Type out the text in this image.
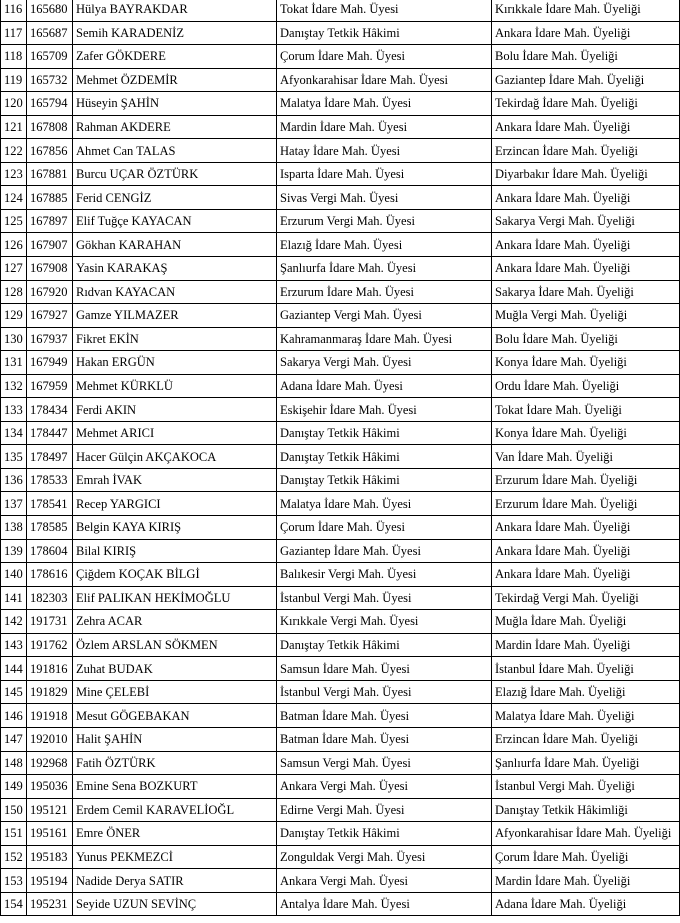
116	165680	Hülya BAYRAKDAR	Tokat İdare Mah. Üyesi	Kırıkkale İdare Mah. Üyeliği
117	165687	Semih KARADENİZ	Danıştay Tetkik Hâkimi	Ankara İdare Mah. Üyeliği
118	165709	Zafer GÖKDERE	Çorum İdare Mah. Üyesi	Bolu İdare Mah. Üyeliği
119	165732	Mehmet ÖZDEMİR	Afyonkarahisar İdare Mah. Üyesi	Gaziantep İdare Mah. Üyeliği
120	165794	Hüseyin ŞAHİN	Malatya İdare Mah. Üyesi	Tekirdağ İdare Mah. Üyeliği
121	167808	Rahman AKDERE	Mardin İdare Mah. Üyesi	Ankara İdare Mah. Üyeliği
122	167856	Ahmet Can TALAS	Hatay İdare Mah. Üyesi	Erzincan İdare Mah. Üyeliği
123	167881	Burcu UÇAR ÖZTÜRK	Isparta İdare Mah. Üyesi	Diyarbakır İdare Mah. Üyeliği
124	167885	Ferid CENGİZ	Sivas Vergi Mah. Üyesi	Ankara İdare Mah. Üyeliği
125	167897	Elif Tuğçe KAYACAN	Erzurum Vergi Mah. Üyesi	Sakarya Vergi Mah. Üyeliği
126	167907	Gökhan KARAHAN	Elazığ İdare Mah. Üyesi	Ankara İdare Mah. Üyeliği
127	167908	Yasin KARAKAŞ	Şanlıurfa İdare Mah. Üyesi	Ankara İdare Mah. Üyeliği
128	167920	Rıdvan KAYACAN	Erzurum İdare Mah. Üyesi	Sakarya İdare Mah. Üyeliği
129	167927	Gamze YILMAZER	Gaziantep Vergi Mah. Üyesi	Muğla Vergi Mah. Üyeliği
130	167937	Fikret EKİN	Kahramanmaraş İdare Mah. Üyesi	Bolu İdare Mah. Üyeliği
131	167949	Hakan ERGÜN	Sakarya Vergi Mah. Üyesi	Konya İdare Mah. Üyeliği
132	167959	Mehmet KÜRKLÜ	Adana İdare Mah. Üyesi	Ordu İdare Mah. Üyeliği
133	178434	Ferdi AKIN	Eskişehir İdare Mah. Üyesi	Tokat İdare Mah. Üyeliği
134	178447	Mehmet ARICI	Danıştay Tetkik Hâkimi	Konya İdare Mah. Üyeliği
135	178497	Hacer Gülçin AKÇAKOCA	Danıştay Tetkik Hâkimi	Van İdare Mah. Üyeliği
136	178533	Emrah İVAK	Danıştay Tetkik Hâkimi	Erzurum İdare Mah. Üyeliği
137	178541	Recep YARGICI	Malatya İdare Mah. Üyesi	Erzurum İdare Mah. Üyeliği
138	178585	Belgin KAYA KIRIŞ	Çorum İdare Mah. Üyesi	Ankara İdare Mah. Üyeliği
139	178604	Bilal KIRIŞ	Gaziantep İdare Mah. Üyesi	Ankara İdare Mah. Üyeliği
140	178616	Çiğdem KOÇAK BİLGİ	Balıkesir Vergi Mah. Üyesi	Ankara İdare Mah. Üyeliği
141	182303	Elif PALIKAN HEKİMOĞLU	İstanbul Vergi Mah. Üyesi	Tekirdağ Vergi Mah. Üyeliği
142	191731	Zehra ACAR	Kırıkkale Vergi Mah. Üyesi	Muğla İdare Mah. Üyeliği
143	191762	Özlem ARSLAN SÖKMEN	Danıştay Tetkik Hâkimi	Mardin İdare Mah. Üyeliği
144	191816	Zuhat BUDAK	Samsun İdare Mah. Üyesi	İstanbul İdare Mah. Üyeliği
145	191829	Mine ÇELEBİ	İstanbul Vergi Mah. Üyesi	Elazığ İdare Mah. Üyeliği
146	191918	Mesut GÖGEBAKAN	Batman İdare Mah. Üyesi	Malatya İdare Mah. Üyeliği
147	192010	Halit ŞAHİN	Batman İdare Mah. Üyesi	Erzincan İdare Mah. Üyeliği
148	192968	Fatih ÖZTÜRK	Samsun Vergi Mah. Üyesi	Şanlıurfa İdare Mah. Üyeliği
149	195036	Emine Sena BOZKURT	Ankara Vergi Mah. Üyesi	İstanbul Vergi Mah. Üyeliği
150	195121	Erdem Cemil KARAVELİOĞL	Edirne Vergi Mah. Üyesi	Danıştay Tetkik Hâkimliği
151	195161	Emre ÖNER	Danıştay Tetkik Hâkimi	Afyonkarahisar İdare Mah. Üyeliği
152	195183	Yunus PEKMEZCİ	Zonguldak Vergi Mah. Üyesi	Çorum İdare Mah. Üyeliği
153	195194	Nadide Derya SATIR	Ankara Vergi Mah. Üyesi	Mardin İdare Mah. Üyeliği
154	195231	Seyide UZUN SEVİNÇ	Antalya İdare Mah. Üyesi	Adana İdare Mah. Üyeliği
